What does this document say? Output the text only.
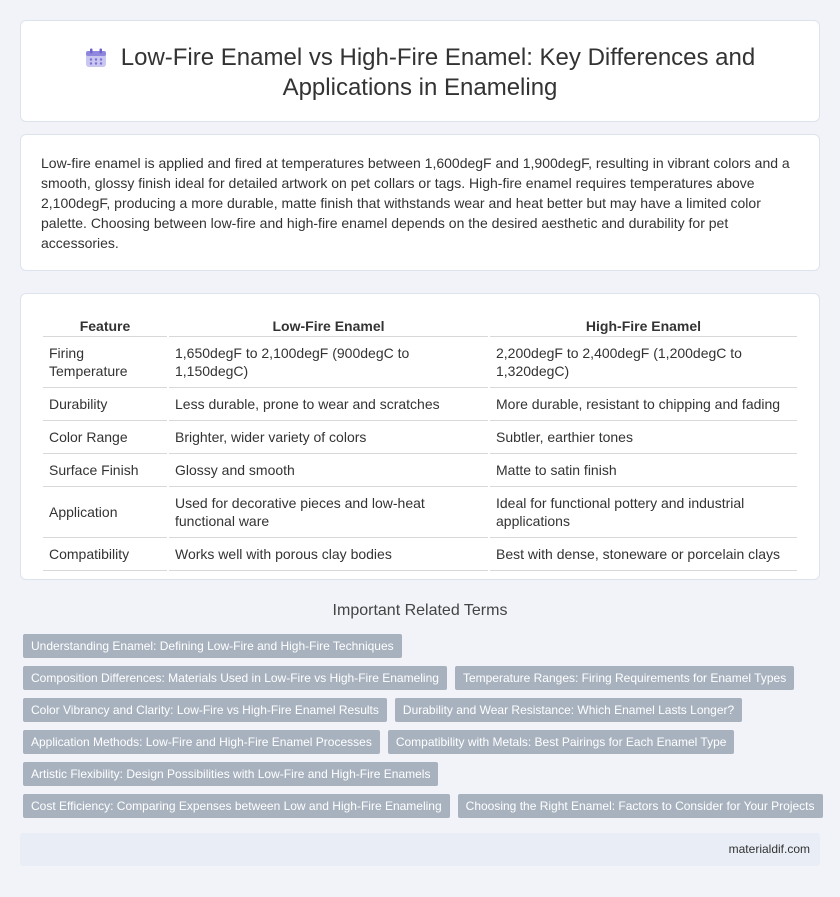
Low-Fire Enamel vs High-Fire Enamel: Key Differences and Applications in Enameling

Low-fire enamel is applied and fired at temperatures between 1,600degF and 1,900degF, resulting in vibrant colors and a smooth, glossy finish ideal for detailed artwork on pet collars or tags. High-fire enamel requires temperatures above 2,100degF, producing a more durable, matte finish that withstands wear and heat better but may have a limited color palette. Choosing between low-fire and high-fire enamel depends on the desired aesthetic and durability for pet accessories.

Feature	Low-Fire Enamel	High-Fire Enamel
Firing Temperature	1,650degF to 2,100degF (900degC to 1,150degC)	2,200degF to 2,400degF (1,200degC to 1,320degC)
Durability	Less durable, prone to wear and scratches	More durable, resistant to chipping and fading
Color Range	Brighter, wider variety of colors	Subtler, earthier tones
Surface Finish	Glossy and smooth	Matte to satin finish
Application	Used for decorative pieces and low-heat functional ware	Ideal for functional pottery and industrial applications
Compatibility	Works well with porous clay bodies	Best with dense, stoneware or porcelain clays
Important Related Terms
Understanding Enamel: Defining Low-Fire and High-Fire Techniques
Composition Differences: Materials Used in Low-Fire vs High-Fire Enameling	Temperature Ranges: Firing Requirements for Enamel Types
Color Vibrancy and Clarity: Low-Fire vs High-Fire Enamel Results	Durability and Wear Resistance: Which Enamel Lasts Longer?
Application Methods: Low-Fire and High-Fire Enamel Processes	Compatibility with Metals: Best Pairings for Each Enamel Type
Artistic Flexibility: Design Possibilities with Low-Fire and High-Fire Enamels
Cost Efficiency: Comparing Expenses between Low and High-Fire Enameling	Choosing the Right Enamel: Factors to Consider for Your Projects
materialdif.com
